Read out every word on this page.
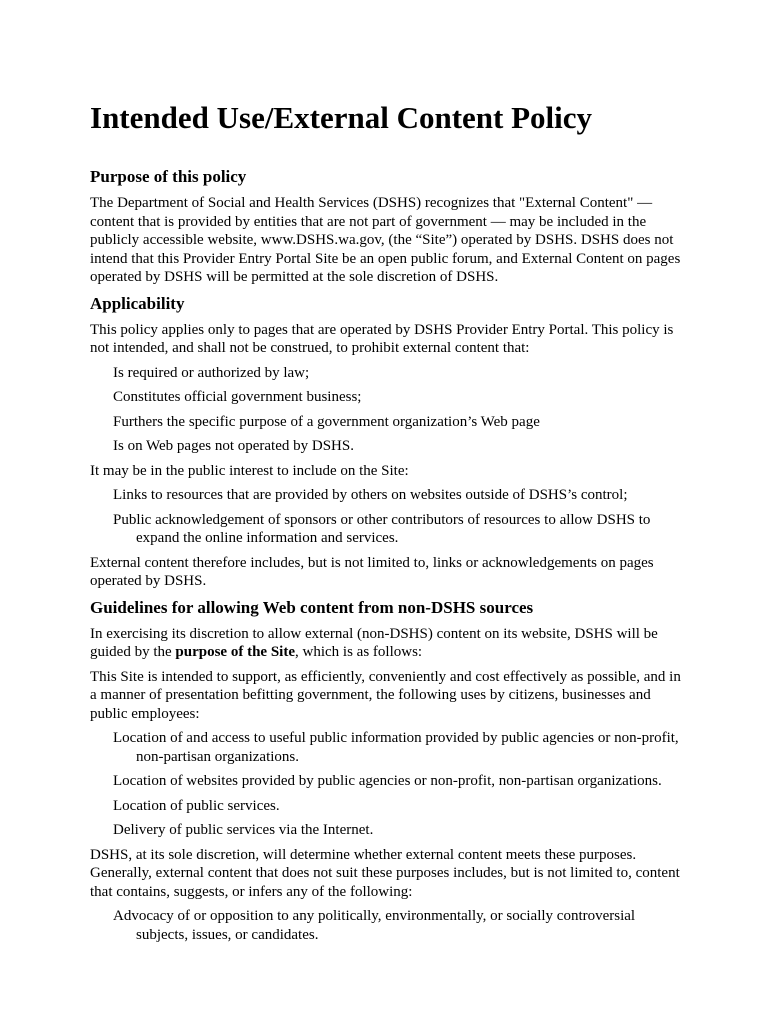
Intended Use/External Content Policy
Purpose of this policy

The Department of Social and Health Services (DSHS) recognizes that "External Content" — content that is provided by entities that are not part of government — may be included in the publicly accessible website, www.DSHS.wa.gov, (the “Site”) operated by DSHS. DSHS does not intend that this Provider Entry Portal Site be an open public forum, and External Content on pages operated by DSHS will be permitted at the sole discretion of DSHS.

Applicability

This policy applies only to pages that are operated by DSHS Provider Entry Portal. This policy is not intended, and shall not be construed, to prohibit external content that:

Is required or authorized by law;
Constitutes official government business;
Furthers the specific purpose of a government organization’s Web page
Is on Web pages not operated by DSHS.

It may be in the public interest to include on the Site:

Links to resources that are provided by others on websites outside of DSHS’s control;
Public acknowledgement of sponsors or other contributors of resources to allow DSHS to expand the online information and services.

External content therefore includes, but is not limited to, links or acknowledgements on pages operated by DSHS.

Guidelines for allowing Web content from non-DSHS sources

In exercising its discretion to allow external (non-DSHS) content on its website, DSHS will be guided by the purpose of the Site, which is as follows:

This Site is intended to support, as efficiently, conveniently and cost effectively as possible, and in a manner of presentation befitting government, the following uses by citizens, businesses and public employees:

Location of and access to useful public information provided by public agencies or non-profit, non-partisan organizations.
Location of websites provided by public agencies or non-profit, non-partisan organizations.
Location of public services.
Delivery of public services via the Internet.

DSHS, at its sole discretion, will determine whether external content meets these purposes. Generally, external content that does not suit these purposes includes, but is not limited to, content that contains, suggests, or infers any of the following:

Advocacy of or opposition to any politically, environmentally, or socially controversial subjects, issues, or candidates.
